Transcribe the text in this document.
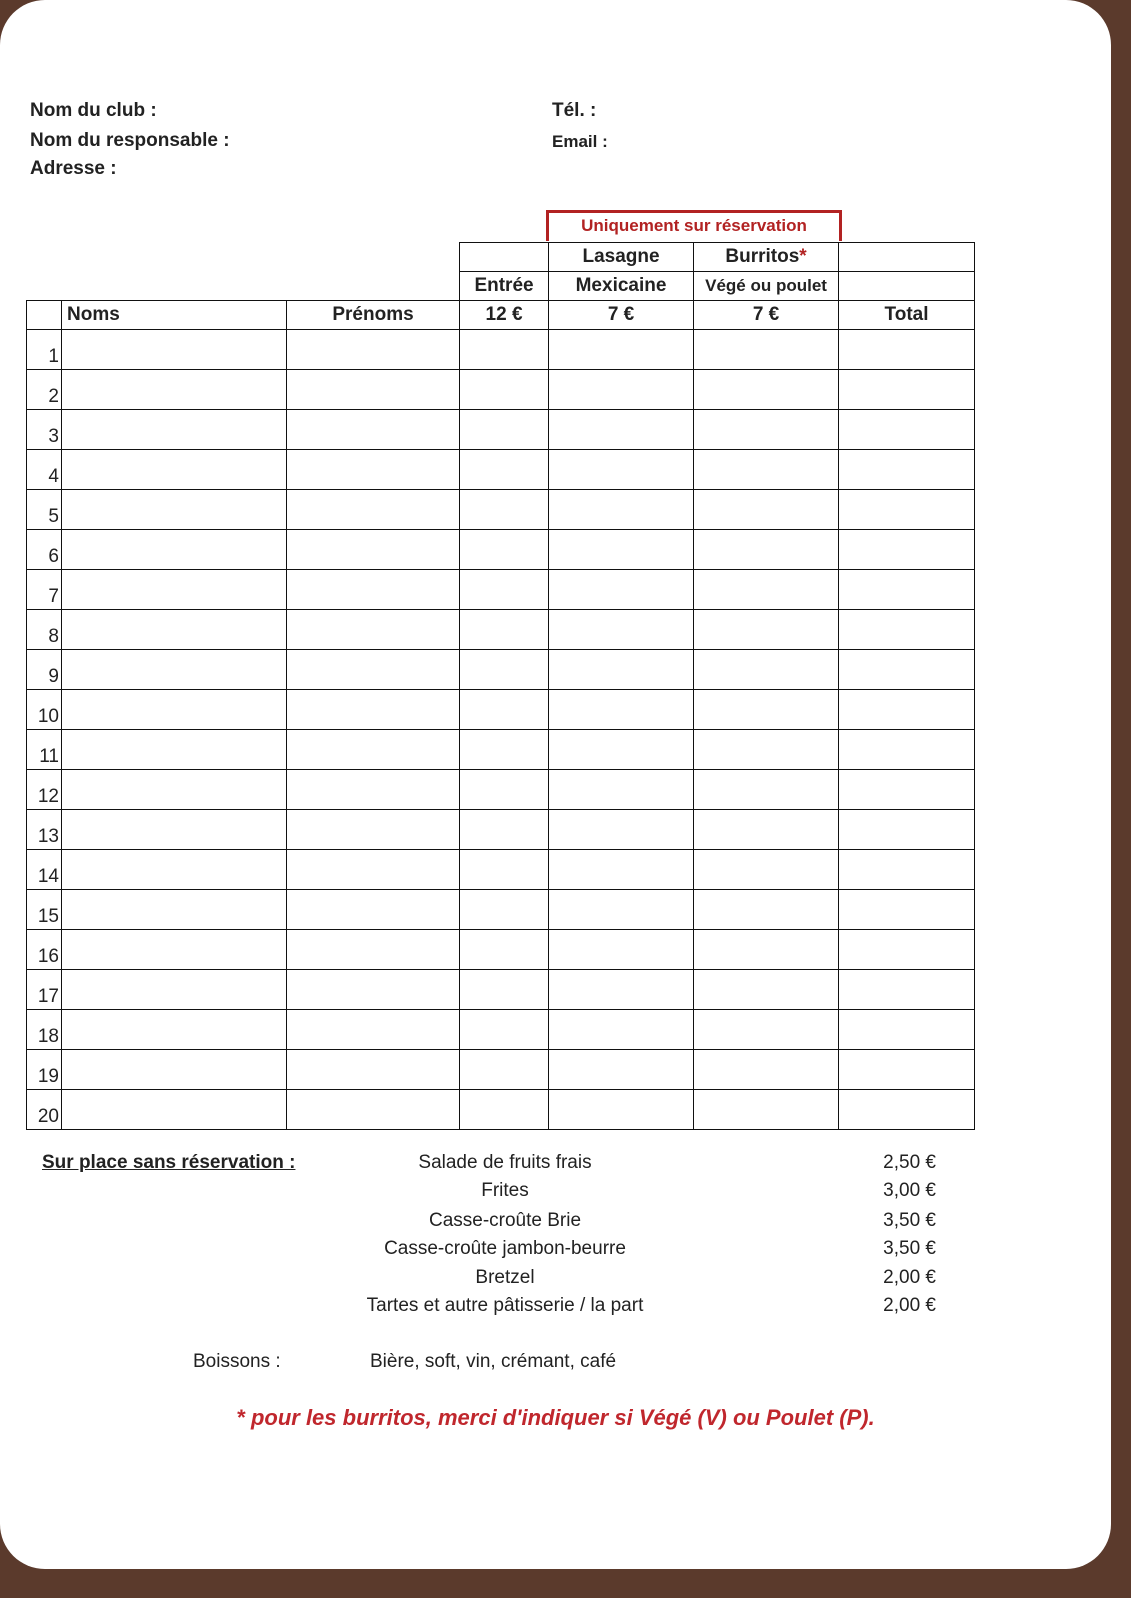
Nom du club :
Nom du responsable :
Adresse :
Tél. :
Email :
Uniquement sur réservation
				Lasagne	Burritos*	
			Entrée	Mexicaine	Végé ou poulet	
	Noms	Prénoms	12 €	7 €	7 €	Total
1						
2						
3						
4						
5						
6						
7						
8						
9						
10						
11						
12						
13						
14						
15						
16						
17						
18						
19						
20						
Sur place sans réservation :	Salade de fruits frais	2,50 €
Frites	3,00 €
Casse-croûte Brie	3,50 €
Casse-croûte jambon-beurre	3,50 €
Bretzel	2,00 €
Tartes et autre pâtisserie / la part	2,00 €
Boissons :	Bière, soft, vin, crémant, café
* pour les burritos, merci d'indiquer si Végé (V) ou Poulet (P).
